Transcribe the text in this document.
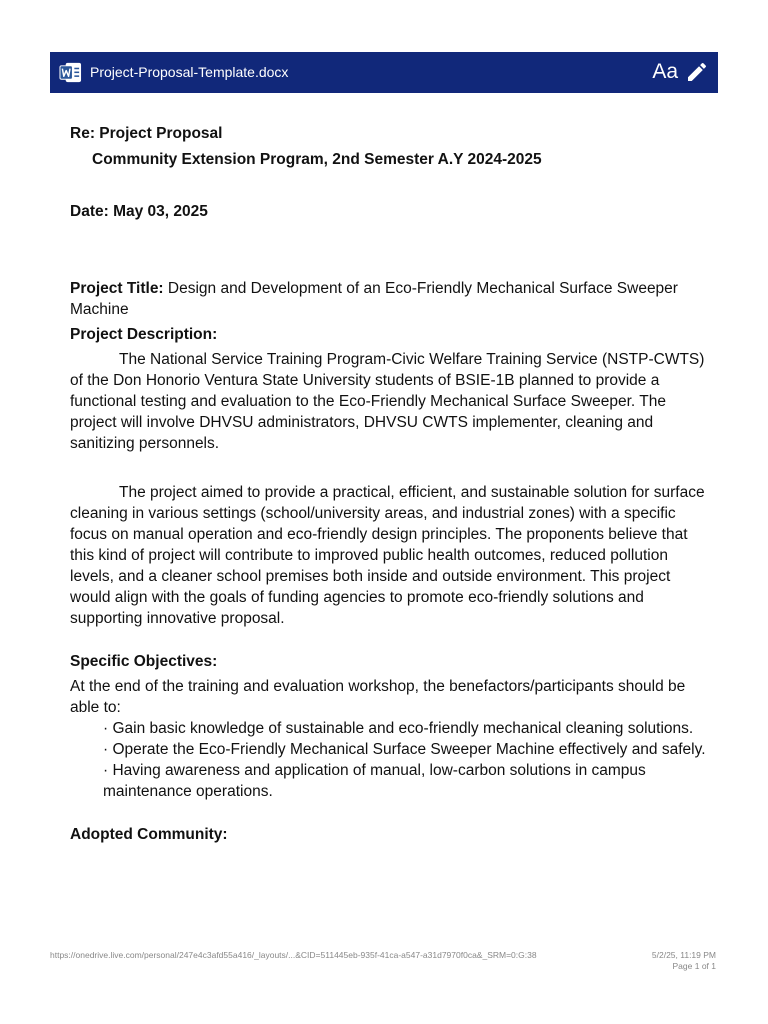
Project-Proposal-Template.docx	Aa

Re: Project Proposal

Community Extension Program, 2nd Semester A.Y 2024-2025

Date: May 03, 2025

Project Title: Design and Development of an Eco-Friendly Mechanical Surface Sweeper Machine

Project Description:

The National Service Training Program-Civic Welfare Training Service (NSTP-CWTS) of the Don Honorio Ventura State University students of BSIE-1B planned to provide a functional testing and evaluation to the Eco-Friendly Mechanical Surface Sweeper. The project will involve DHVSU administrators, DHVSU CWTS implementer, cleaning and sanitizing personnels.

The project aimed to provide a practical, efficient, and sustainable solution for surface cleaning in various settings (school/university areas, and industrial zones) with a specific focus on manual operation and eco-friendly design principles. The proponents believe that this kind of project will contribute to improved public health outcomes, reduced pollution levels, and a cleaner school premises both inside and outside environment. This project would align with the goals of funding agencies to promote eco-friendly solutions and supporting innovative proposal.

Specific Objectives:

At the end of the training and evaluation workshop, the benefactors/participants should be able to:

· Gain basic knowledge of sustainable and eco-friendly mechanical cleaning solutions.

· Operate the Eco-Friendly Mechanical Surface Sweeper Machine effectively and safely.

· Having awareness and application of manual, low-carbon solutions in campus maintenance operations.

Adopted Community:

https://onedrive.live.com/personal/247e4c3afd55a416/_layouts/...&CID=511445eb-935f-41ca-a547-a31d7970f0ca&_SRM=0:G:38	5/2/25, 11:19 PM
Page 1 of 1
